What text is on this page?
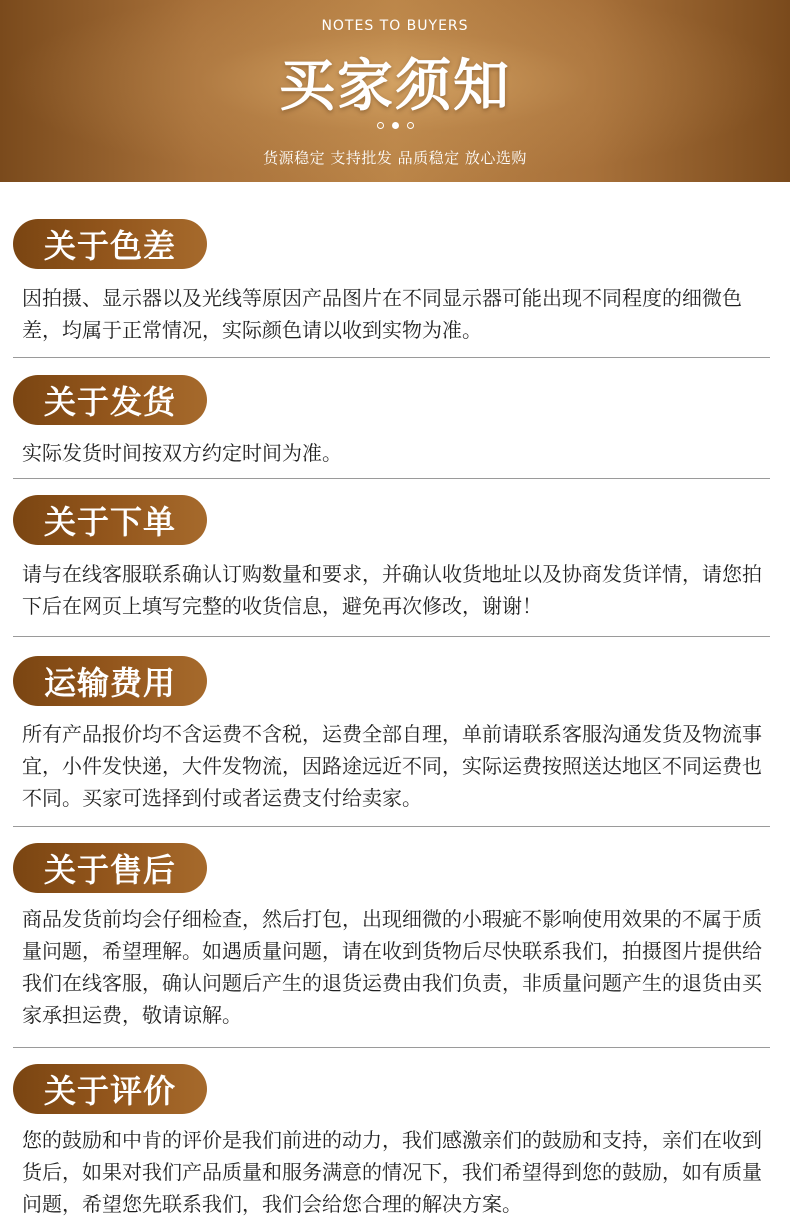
NOTES TO BUYERS
买家须知
货源稳定 支持批发 品质稳定 放心选购
关于色差
因拍摄、显示器以及光线等原因产品图片在不同显示器可能出现不同程度的细微色差，均属于正常情况，实际颜色请以收到实物为准。
关于发货
实际发货时间按双方约定时间为准。
关于下单
请与在线客服联系确认订购数量和要求，并确认收货地址以及协商发货详情，请您拍下后在网页上填写完整的收货信息，避免再次修改，谢谢！
运输费用
所有产品报价均不含运费不含税，运费全部自理，单前请联系客服沟通发货及物流事宜，小件发快递，大件发物流，因路途远近不同，实际运费按照送达地区不同运费也不同。买家可选择到付或者运费支付给卖家。
关于售后
商品发货前均会仔细检查，然后打包，出现细微的小瑕疵不影响使用效果的不属于质量问题，希望理解。如遇质量问题，请在收到货物后尽快联系我们，拍摄图片提供给我们在线客服，确认问题后产生的退货运费由我们负责，非质量问题产生的退货由买家承担运费，敬请谅解。
关于评价
您的鼓励和中肯的评价是我们前进的动力，我们感激亲们的鼓励和支持，亲们在收到货后，如果对我们产品质量和服务满意的情况下，我们希望得到您的鼓励，如有质量问题，希望您先联系我们，我们会给您合理的解决方案。
